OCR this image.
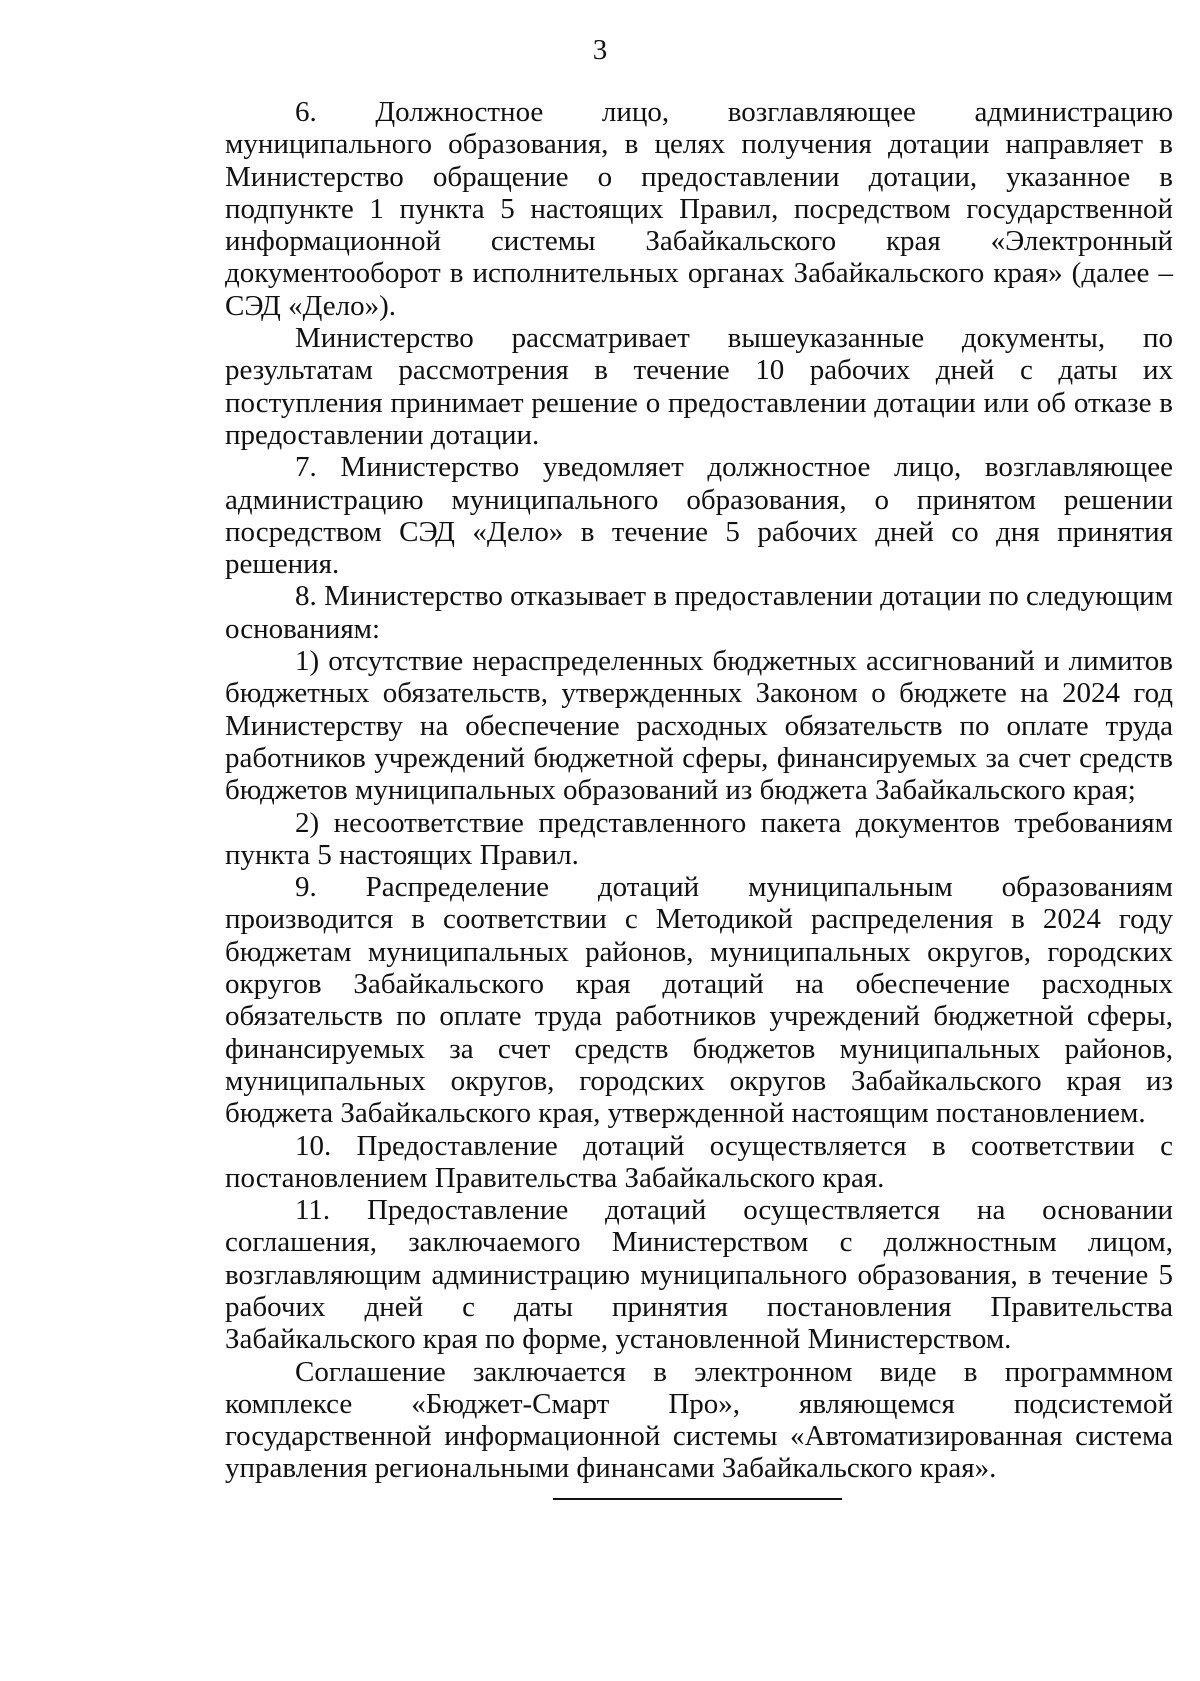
3

6. Должностное лицо, возглавляющее администрацию муниципального образования, в целях получения дотации направляет в Министерство обращение о предоставлении дотации, указанное в подпункте 1 пункта 5 настоящих Правил, посредством государственной информационной системы Забайкальского края «Электронный документооборот в исполнительных органах Забайкальского края» (далее – СЭД «Дело»).

Министерство рассматривает вышеуказанные документы, по результатам рассмотрения в течение 10 рабочих дней с даты их поступления принимает решение о предоставлении дотации или об отказе в предоставлении дотации.

7. Министерство уведомляет должностное лицо, возглавляющее администрацию муниципального образования, о принятом решении посредством СЭД «Дело» в течение 5 рабочих дней со дня принятия решения.

8. Министерство отказывает в предоставлении дотации по следующим основаниям:

1) отсутствие нераспределенных бюджетных ассигнований и лимитов бюджетных обязательств, утвержденных Законом о бюджете на 2024 год Министерству на обеспечение расходных обязательств по оплате труда работников учреждений бюджетной сферы, финансируемых за счет средств бюджетов муниципальных образований из бюджета Забайкальского края;

2) несоответствие представленного пакета документов требованиям пункта 5 настоящих Правил.

9. Распределение дотаций муниципальным образованиям производится в соответствии с Методикой распределения в 2024 году бюджетам муниципальных районов, муниципальных округов, городских округов Забайкальского края дотаций на обеспечение расходных обязательств по оплате труда работников учреждений бюджетной сферы, финансируемых за счет средств бюджетов муниципальных районов, муниципальных округов, городских округов Забайкальского края из бюджета Забайкальского края, утвержденной настоящим постановлением.

10. Предоставление дотаций осуществляется в соответствии с постановлением Правительства Забайкальского края.

11. Предоставление дотаций осуществляется на основании соглашения, заключаемого Министерством с должностным лицом, возглавляющим администрацию муниципального образования, в течение 5 рабочих дней с даты принятия постановления Правительства Забайкальского края по форме, установленной Министерством.

Соглашение заключается в электронном виде в программном комплексе «Бюджет-Смарт Про», являющемся подсистемой государственной информационной системы «Автоматизированная система управления региональными финансами Забайкальского края».
